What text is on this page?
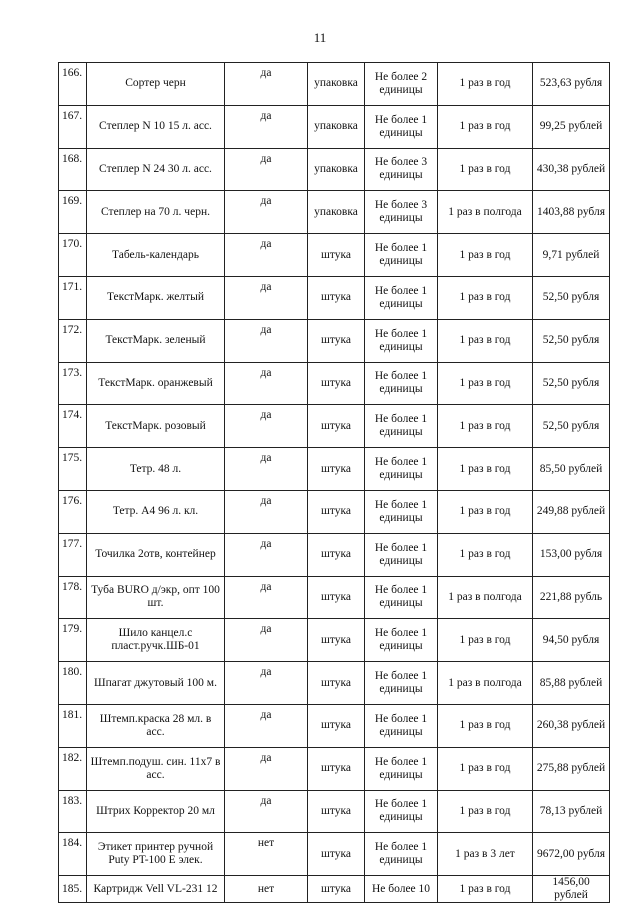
11
166.	Сортер черн	да	упаковка	Не более 2 единицы	1 раз в год	523,63 рубля
167.	Степлер N 10 15 л. асс.	да	упаковка	Не более 1 единицы	1 раз в год	99,25 рублей
168.	Степлер N 24 30 л. асс.	да	упаковка	Не более 3 единицы	1 раз в год	430,38 рублей
169.	Степлер на 70 л. черн.	да	упаковка	Не более 3 единицы	1 раз в полгода	1403,88 рубля
170.	Табель-календарь	да	штука	Не более 1 единицы	1 раз в год	9,71 рублей
171.	ТекстМарк. желтый	да	штука	Не более 1 единицы	1 раз в год	52,50 рубля
172.	ТекстМарк. зеленый	да	штука	Не более 1 единицы	1 раз в год	52,50 рубля
173.	ТекстМарк. оранжевый	да	штука	Не более 1 единицы	1 раз в год	52,50 рубля
174.	ТекстМарк. розовый	да	штука	Не более 1 единицы	1 раз в год	52,50 рубля
175.	Тетр. 48 л.	да	штука	Не более 1 единицы	1 раз в год	85,50 рублей
176.	Тетр. А4 96 л. кл.	да	штука	Не более 1 единицы	1 раз в год	249,88 рублей
177.	Точилка 2отв, контейнер	да	штука	Не более 1 единицы	1 раз в год	153,00 рубля
178.	Туба BURO д/экр, опт 100 шт.	да	штука	Не более 1 единицы	1 раз в полгода	221,88 рубль
179.	Шило канцел.с пласт.ручк.ШБ-01	да	штука	Не более 1 единицы	1 раз в год	94,50 рубля
180.	Шпагат джутовый 100 м.	да	штука	Не более 1 единицы	1 раз в полгода	85,88 рублей
181.	Штемп.краска 28 мл. в асс.	да	штука	Не более 1 единицы	1 раз в год	260,38 рублей
182.	Штемп.подуш. син. 11х7 в асс.	да	штука	Не более 1 единицы	1 раз в год	275,88 рублей
183.	Штрих Корректор 20 мл	да	штука	Не более 1 единицы	1 раз в год	78,13 рублей
184.	Этикет принтер ручной Puty PT-100 E элек.	нет	штука	Не более 1 единицы	1 раз в 3 лет	9672,00 рубля
185.	Картридж Vell VL-231 12	нет	штука	Не более 10	1 раз в год	1456,00 рублей
